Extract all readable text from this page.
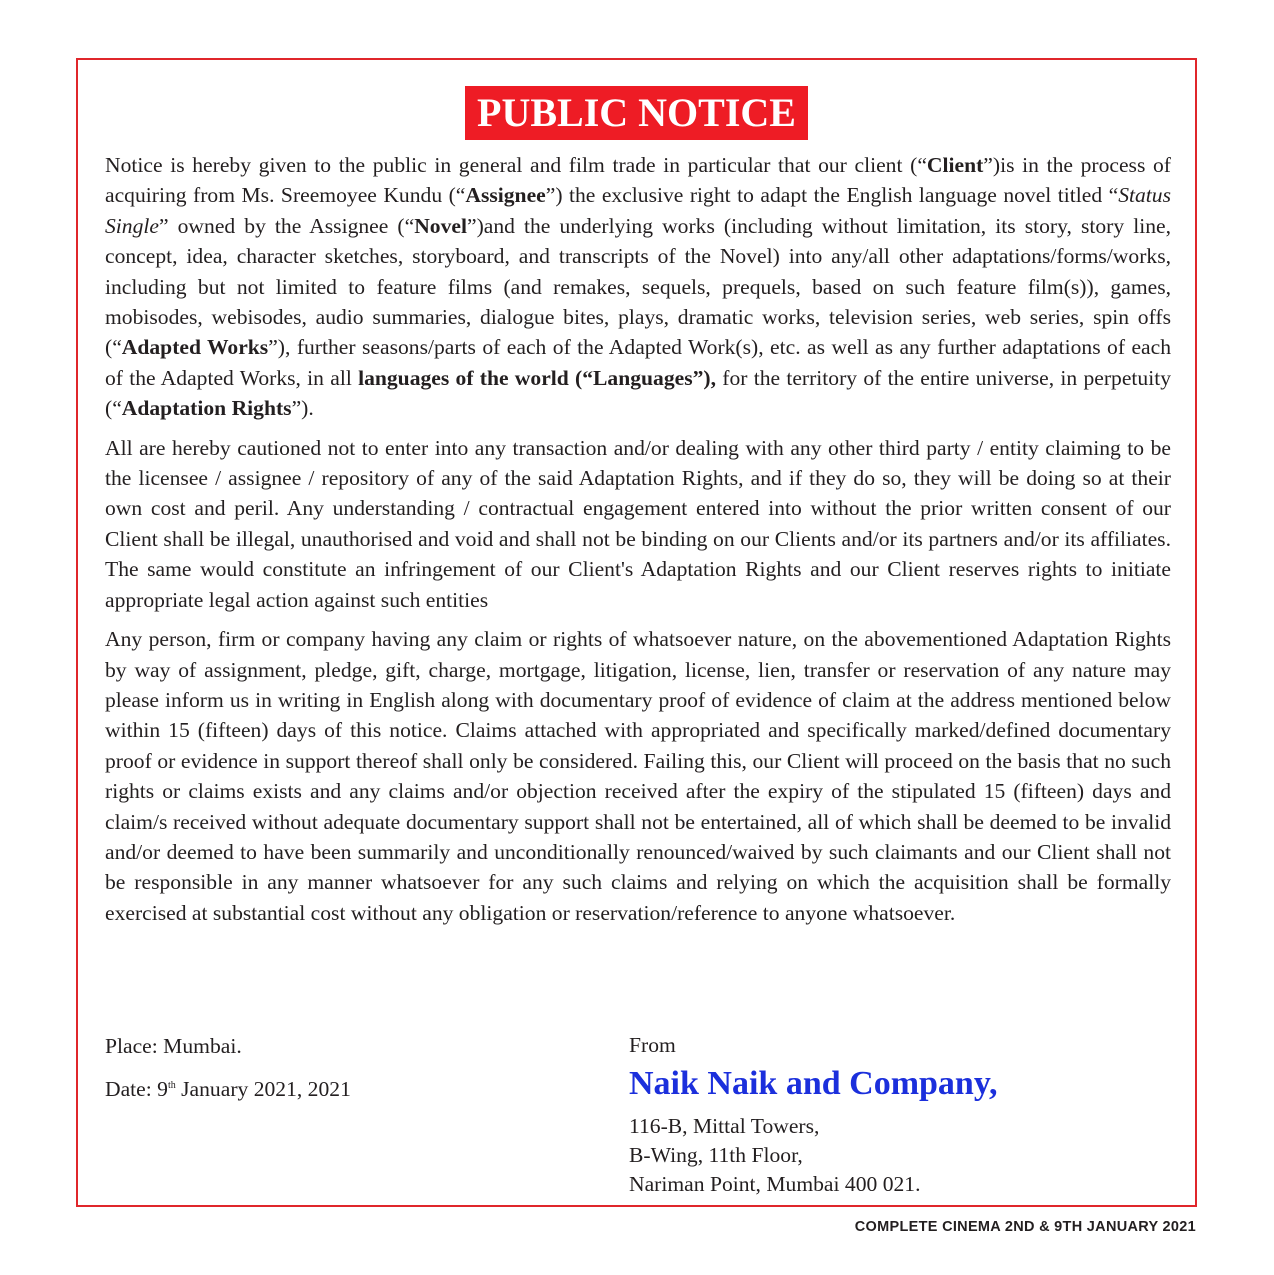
PUBLIC NOTICE

Notice is hereby given to the public in general and film trade in particular that our client (“Client”)is in the process of acquiring from Ms. Sreemoyee Kundu (“Assignee”) the exclusive right to adapt the English language novel titled “Status Single” owned by the Assignee (“Novel”)and the underlying works (including without limitation, its story, story line, concept, idea, character sketches, storyboard, and transcripts of the Novel) into any/all other adaptations/forms/works, including but not limited to feature films (and remakes, sequels, prequels, based on such feature film(s)), games, mobisodes, webisodes, audio summaries, dialogue bites, plays, dramatic works, television series, web series, spin offs (“Adapted Works”), further seasons/parts of each of the Adapted Work(s), etc. as well as any further adaptations of each of the Adapted Works, in all languages of the world (“Languages”), for the territory of the entire universe, in perpetuity (“Adaptation Rights”).

All are hereby cautioned not to enter into any transaction and/or dealing with any other third party / entity claiming to be the licensee / assignee / repository of any of the said Adaptation Rights, and if they do so, they will be doing so at their own cost and peril. Any understanding / contractual engagement entered into without the prior written consent of our Client shall be illegal, unauthorised and void and shall not be binding on our Clients and/or its partners and/or its affiliates. The same would constitute an infringement of our Client's Adaptation Rights and our Client reserves rights to initiate appropriate legal action against such entities

Any person, firm or company having any claim or rights of whatsoever nature, on the abovementioned Adaptation Rights by way of assignment, pledge, gift, charge, mortgage, litigation, license, lien, transfer or reservation of any nature may please inform us in writing in English along with documentary proof of evidence of claim at the address mentioned below within 15 (fifteen) days of this notice. Claims attached with appropriated and specifically marked/defined documentary proof or evidence in support thereof shall only be considered. Failing this, our Client will proceed on the basis that no such rights or claims exists and any claims and/or objection received after the expiry of the stipulated 15 (fifteen) days and claim/s received without adequate documentary support shall not be entertained, all of which shall be deemed to be invalid and/or deemed to have been summarily and unconditionally renounced/waived by such claimants and our Client shall not be responsible in any manner whatsoever for any such claims and relying on which the acquisition shall be formally exercised at substantial cost without any obligation or reservation/reference to anyone whatsoever.

Place: Mumbai.
Date: 9th January 2021, 2021
From
Naik Naik and Company,
116-B, Mittal Towers,
B-Wing, 11th Floor,
Nariman Point, Mumbai 400 021.
COMPLETE CINEMA 2ND & 9TH JANUARY 2021
